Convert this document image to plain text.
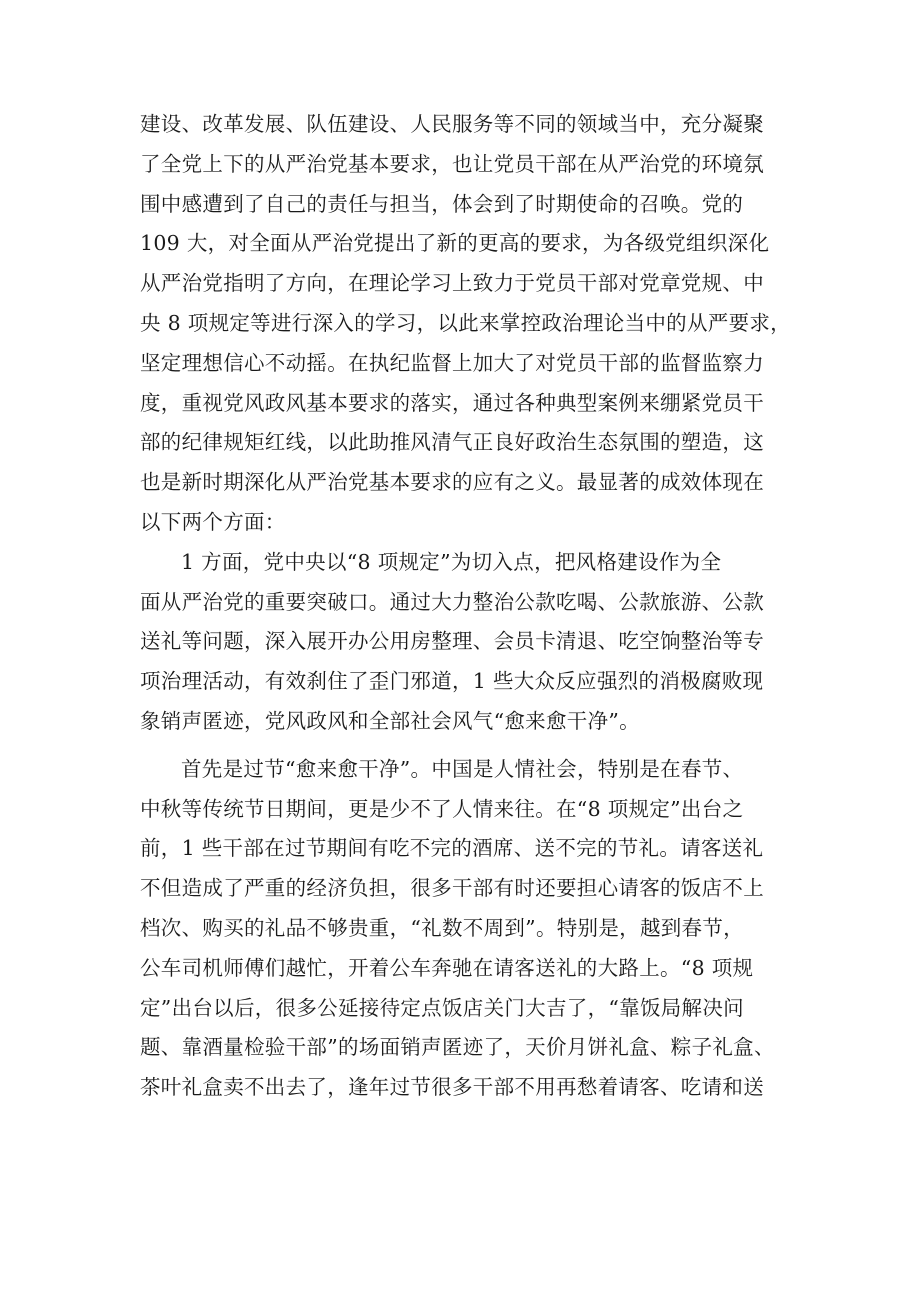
建设、改革发展、队伍建设、人民服务等不同的领域当中，充分凝聚
了全党上下的从严治党基本要求，也让党员干部在从严治党的环境氛
围中感遭到了自己的责任与担当，体会到了时期使命的召唤。党的
109 大，对全面从严治党提出了新的更高的要求，为各级党组织深化
从严治党指明了方向，在理论学习上致力于党员干部对党章党规、中
央 8 项规定等进行深入的学习，以此来掌控政治理论当中的从严要求，
坚定理想信心不动摇。在执纪监督上加大了对党员干部的监督监察力
度，重视党风政风基本要求的落实，通过各种典型案例来绷紧党员干
部的纪律规矩红线，以此助推风清气正良好政治生态氛围的塑造，这
也是新时期深化从严治党基本要求的应有之义。最显著的成效体现在
以下两个方面：
1 方面，党中央以“8 项规定”为切入点，把风格建设作为全
面从严治党的重要突破口。通过大力整治公款吃喝、公款旅游、公款
送礼等问题，深入展开办公用房整理、会员卡清退、吃空饷整治等专
项治理活动，有效刹住了歪门邪道，1 些大众反应强烈的消极腐败现
象销声匿迹，党风政风和全部社会风气“愈来愈干净”。
首先是过节“愈来愈干净”。中国是人情社会，特别是在春节、
中秋等传统节日期间，更是少不了人情来往。在“8 项规定”出台之
前，1 些干部在过节期间有吃不完的酒席、送不完的节礼。请客送礼
不但造成了严重的经济负担，很多干部有时还要担心请客的饭店不上
档次、购买的礼品不够贵重，“礼数不周到”。特别是，越到春节，
公车司机师傅们越忙，开着公车奔驰在请客送礼的大路上。“8 项规
定”出台以后，很多公延接待定点饭店关门大吉了，“靠饭局解决问
题、靠酒量检验干部”的场面销声匿迹了，天价月饼礼盒、粽子礼盒、
茶叶礼盒卖不出去了，逢年过节很多干部不用再愁着请客、吃请和送
